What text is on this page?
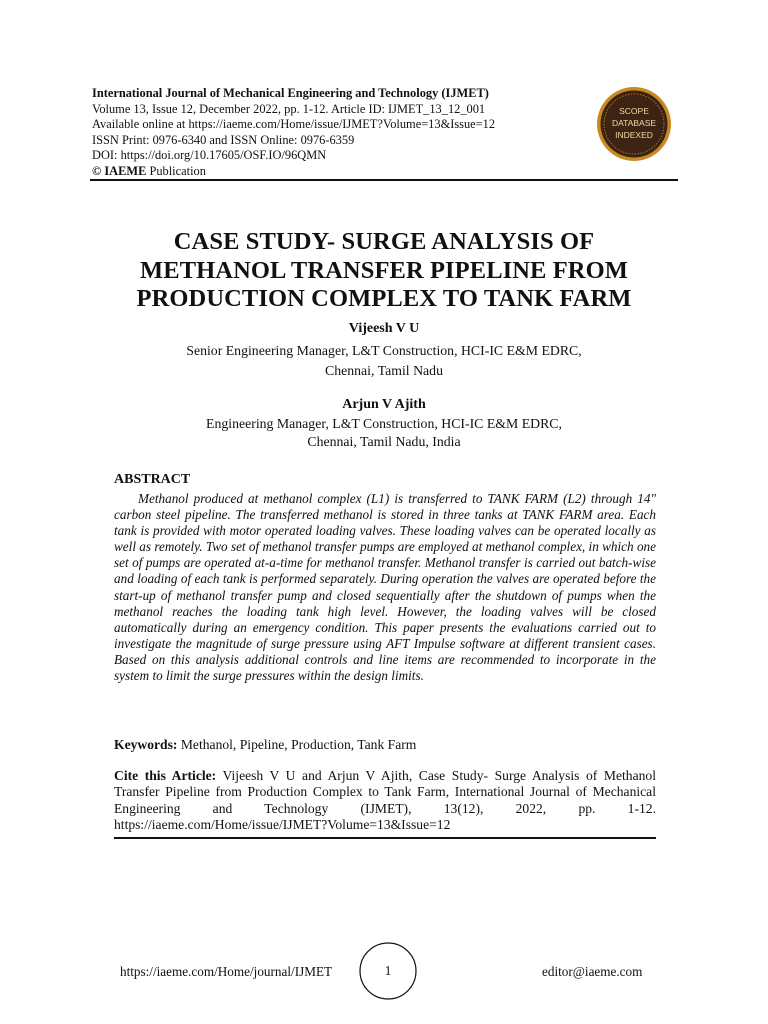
International Journal of Mechanical Engineering and Technology (IJMET)
Volume 13, Issue 12, December 2022, pp. 1-12. Article ID: IJMET_13_12_001
Available online at https://iaeme.com/Home/issue/IJMET?Volume=13&Issue=12
ISSN Print: 0976-6340 and ISSN Online: 0976-6359
DOI: https://doi.org/10.17605/OSF.IO/96QMN
© IAEME Publication
SCOPE
DATABASE
INDEXED
CASE STUDY- SURGE ANALYSIS OF
METHANOL TRANSFER PIPELINE FROM
PRODUCTION COMPLEX TO TANK FARM
Vijeesh V U
Senior Engineering Manager, L&T Construction, HCI-IC E&M EDRC,
Chennai, Tamil Nadu
Arjun V Ajith
Engineering Manager, L&T Construction, HCI-IC E&M EDRC,
Chennai, Tamil Nadu, India
ABSTRACT
Methanol produced at methanol complex (L1) is transferred to TANK FARM (L2) through 14" carbon steel pipeline. The transferred methanol is stored in three tanks at TANK FARM area. Each tank is provided with motor operated loading valves. These loading valves can be operated locally as well as remotely. Two set of methanol transfer pumps are employed at methanol complex, in which one set of pumps are operated at-a-time for methanol transfer. Methanol transfer is carried out batch-wise and loading of each tank is performed separately. During operation the valves are operated before the start-up of methanol transfer pump and closed sequentially after the shutdown of pumps when the methanol reaches the loading tank high level. However, the loading valves will be closed automatically during an emergency condition. This paper presents the evaluations carried out to investigate the magnitude of surge pressure using AFT Impulse software at different transient cases. Based on this analysis additional controls and line items are recommended to incorporate in the system to limit the surge pressures within the design limits.
Keywords: Methanol, Pipeline, Production, Tank Farm
Cite this Article: Vijeesh V U and Arjun V Ajith, Case Study- Surge Analysis of Methanol Transfer Pipeline from Production Complex to Tank Farm, International Journal of Mechanical Engineering and Technology (IJMET), 13(12), 2022, pp. 1-12. https://iaeme.com/Home/issue/IJMET?Volume=13&Issue=12
https://iaeme.com/Home/journal/IJMET	1	editor@iaeme.com
